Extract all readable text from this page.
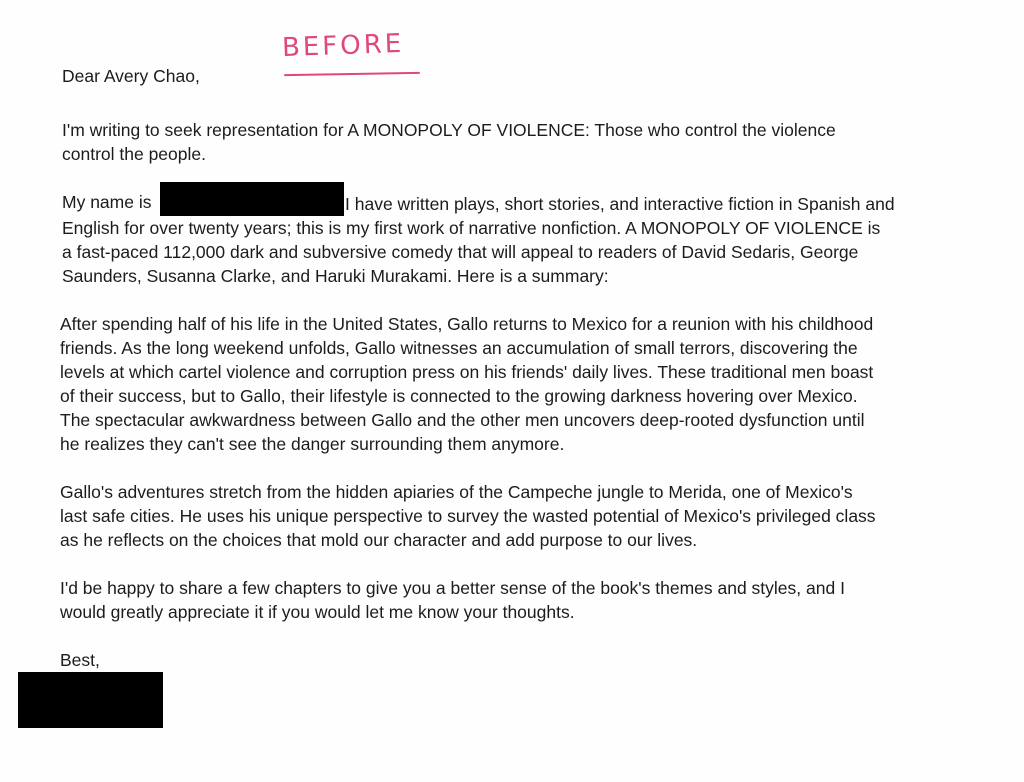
BEFORE
Dear Avery Chao,
I'm writing to seek representation for A MONOPOLY OF VIOLENCE: Those who control the violence
control the people.
My name is	I have written plays, short stories, and interactive fiction in Spanish and
English for over twenty years; this is my first work of narrative nonfiction. A MONOPOLY OF VIOLENCE is
a fast-paced 112,000 dark and subversive comedy that will appeal to readers of David Sedaris, George
Saunders, Susanna Clarke, and Haruki Murakami. Here is a summary:
After spending half of his life in the United States, Gallo returns to Mexico for a reunion with his childhood
friends. As the long weekend unfolds, Gallo witnesses an accumulation of small terrors, discovering the
levels at which cartel violence and corruption press on his friends' daily lives. These traditional men boast
of their success, but to Gallo, their lifestyle is connected to the growing darkness hovering over Mexico.
The spectacular awkwardness between Gallo and the other men uncovers deep-rooted dysfunction until
he realizes they can't see the danger surrounding them anymore.
Gallo's adventures stretch from the hidden apiaries of the Campeche jungle to Merida, one of Mexico's
last safe cities. He uses his unique perspective to survey the wasted potential of Mexico's privileged class
as he reflects on the choices that mold our character and add purpose to our lives.
I'd be happy to share a few chapters to give you a better sense of the book's themes and styles, and I
would greatly appreciate it if you would let me know your thoughts.
Best,
